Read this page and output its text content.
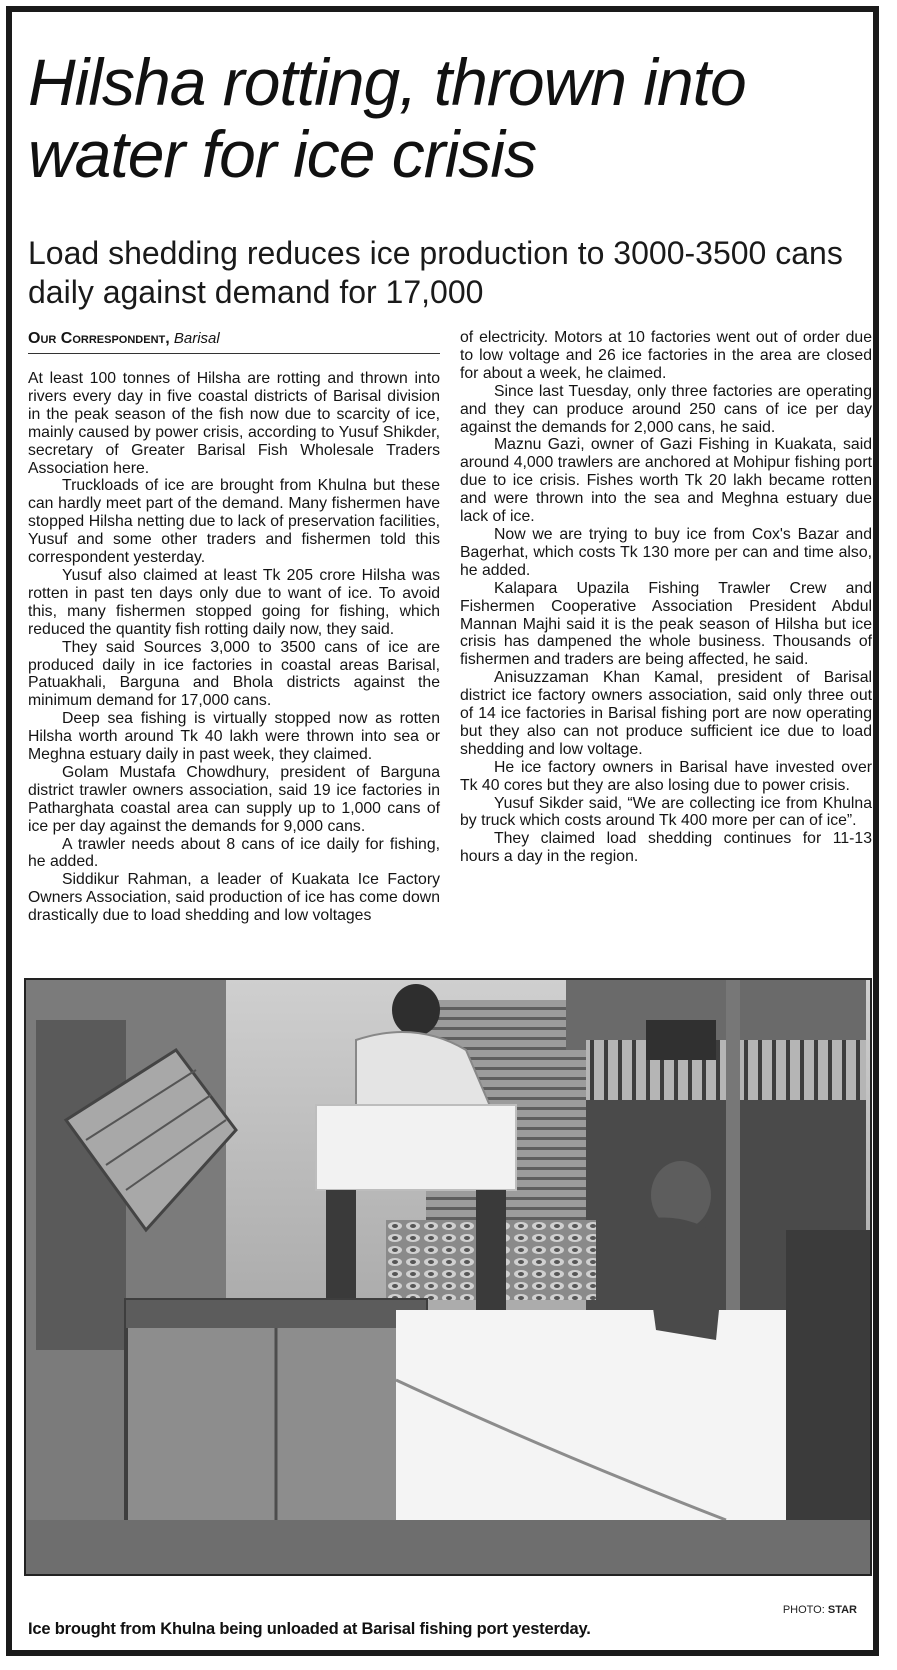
Hilsha rotting, thrown into water for ice crisis
Load shedding reduces ice production to 3000-3500 cans daily against demand for 17,000
Our Correspondent, Barisal

At least 100 tonnes of Hilsha are rotting and thrown into rivers every day in five coastal districts of Barisal division in the peak season of the fish now due to scarcity of ice, mainly caused by power crisis, according to Yusuf Shikder, secretary of Greater Barisal Fish Wholesale Traders Association here.

Truckloads of ice are brought from Khulna but these can hardly meet part of the demand. Many fishermen have stopped Hilsha netting due to lack of preservation facilities, Yusuf and some other traders and fishermen told this correspondent yesterday.

Yusuf also claimed at least Tk 205 crore Hilsha was rotten in past ten days only due to want of ice. To avoid this, many fishermen stopped going for fishing, which reduced the quantity fish rotting daily now, they said.

They said Sources 3,000 to 3500 cans of ice are produced daily in ice factories in coastal areas Barisal, Patuakhali, Barguna and Bhola districts against the minimum demand for 17,000 cans.

Deep sea fishing is virtually stopped now as rotten Hilsha worth around Tk 40 lakh were thrown into sea or Meghna estuary daily in past week, they claimed.

Golam Mustafa Chowdhury, president of Barguna district trawler owners association, said 19 ice factories in Patharghata coastal area can supply up to 1,000 cans of ice per day against the demands for 9,000 cans.

A trawler needs about 8 cans of ice daily for fishing, he added.

Siddikur Rahman, a leader of Kuakata Ice Factory Owners Association, said production of ice has come down drastically due to load shedding and low voltages

of electricity. Motors at 10 factories went out of order due to low voltage and 26 ice factories in the area are closed for about a week, he claimed.

Since last Tuesday, only three factories are operating and they can produce around 250 cans of ice per day against the demands for 2,000 cans, he said.

Maznu Gazi, owner of Gazi Fishing in Kuakata, said around 4,000 trawlers are anchored at Mohipur fishing port due to ice crisis. Fishes worth Tk 20 lakh became rotten and were thrown into the sea and Meghna estuary due lack of ice.

Now we are trying to buy ice from Cox's Bazar and Bagerhat, which costs Tk 130 more per can and time also, he added.

Kalapara Upazila Fishing Trawler Crew and Fishermen Cooperative Association President Abdul Mannan Majhi said it is the peak season of Hilsha but ice crisis has dampened the whole business. Thousands of fishermen and traders are being affected, he said.

Anisuzzaman Khan Kamal, president of Barisal district ice factory owners association, said only three out of 14 ice factories in Barisal fishing port are now operating but they also can not produce sufficient ice due to load shedding and low voltage.

He ice factory owners in Barisal have invested over Tk 40 cores but they are also losing due to power crisis.

Yusuf Sikder said, “We are collecting ice from Khulna by truck which costs around Tk 400 more per can of ice”.

They claimed load shedding continues for 11-13 hours a day in the region.

PHOTO: STAR
Ice brought from Khulna being unloaded at Barisal fishing port yesterday.
